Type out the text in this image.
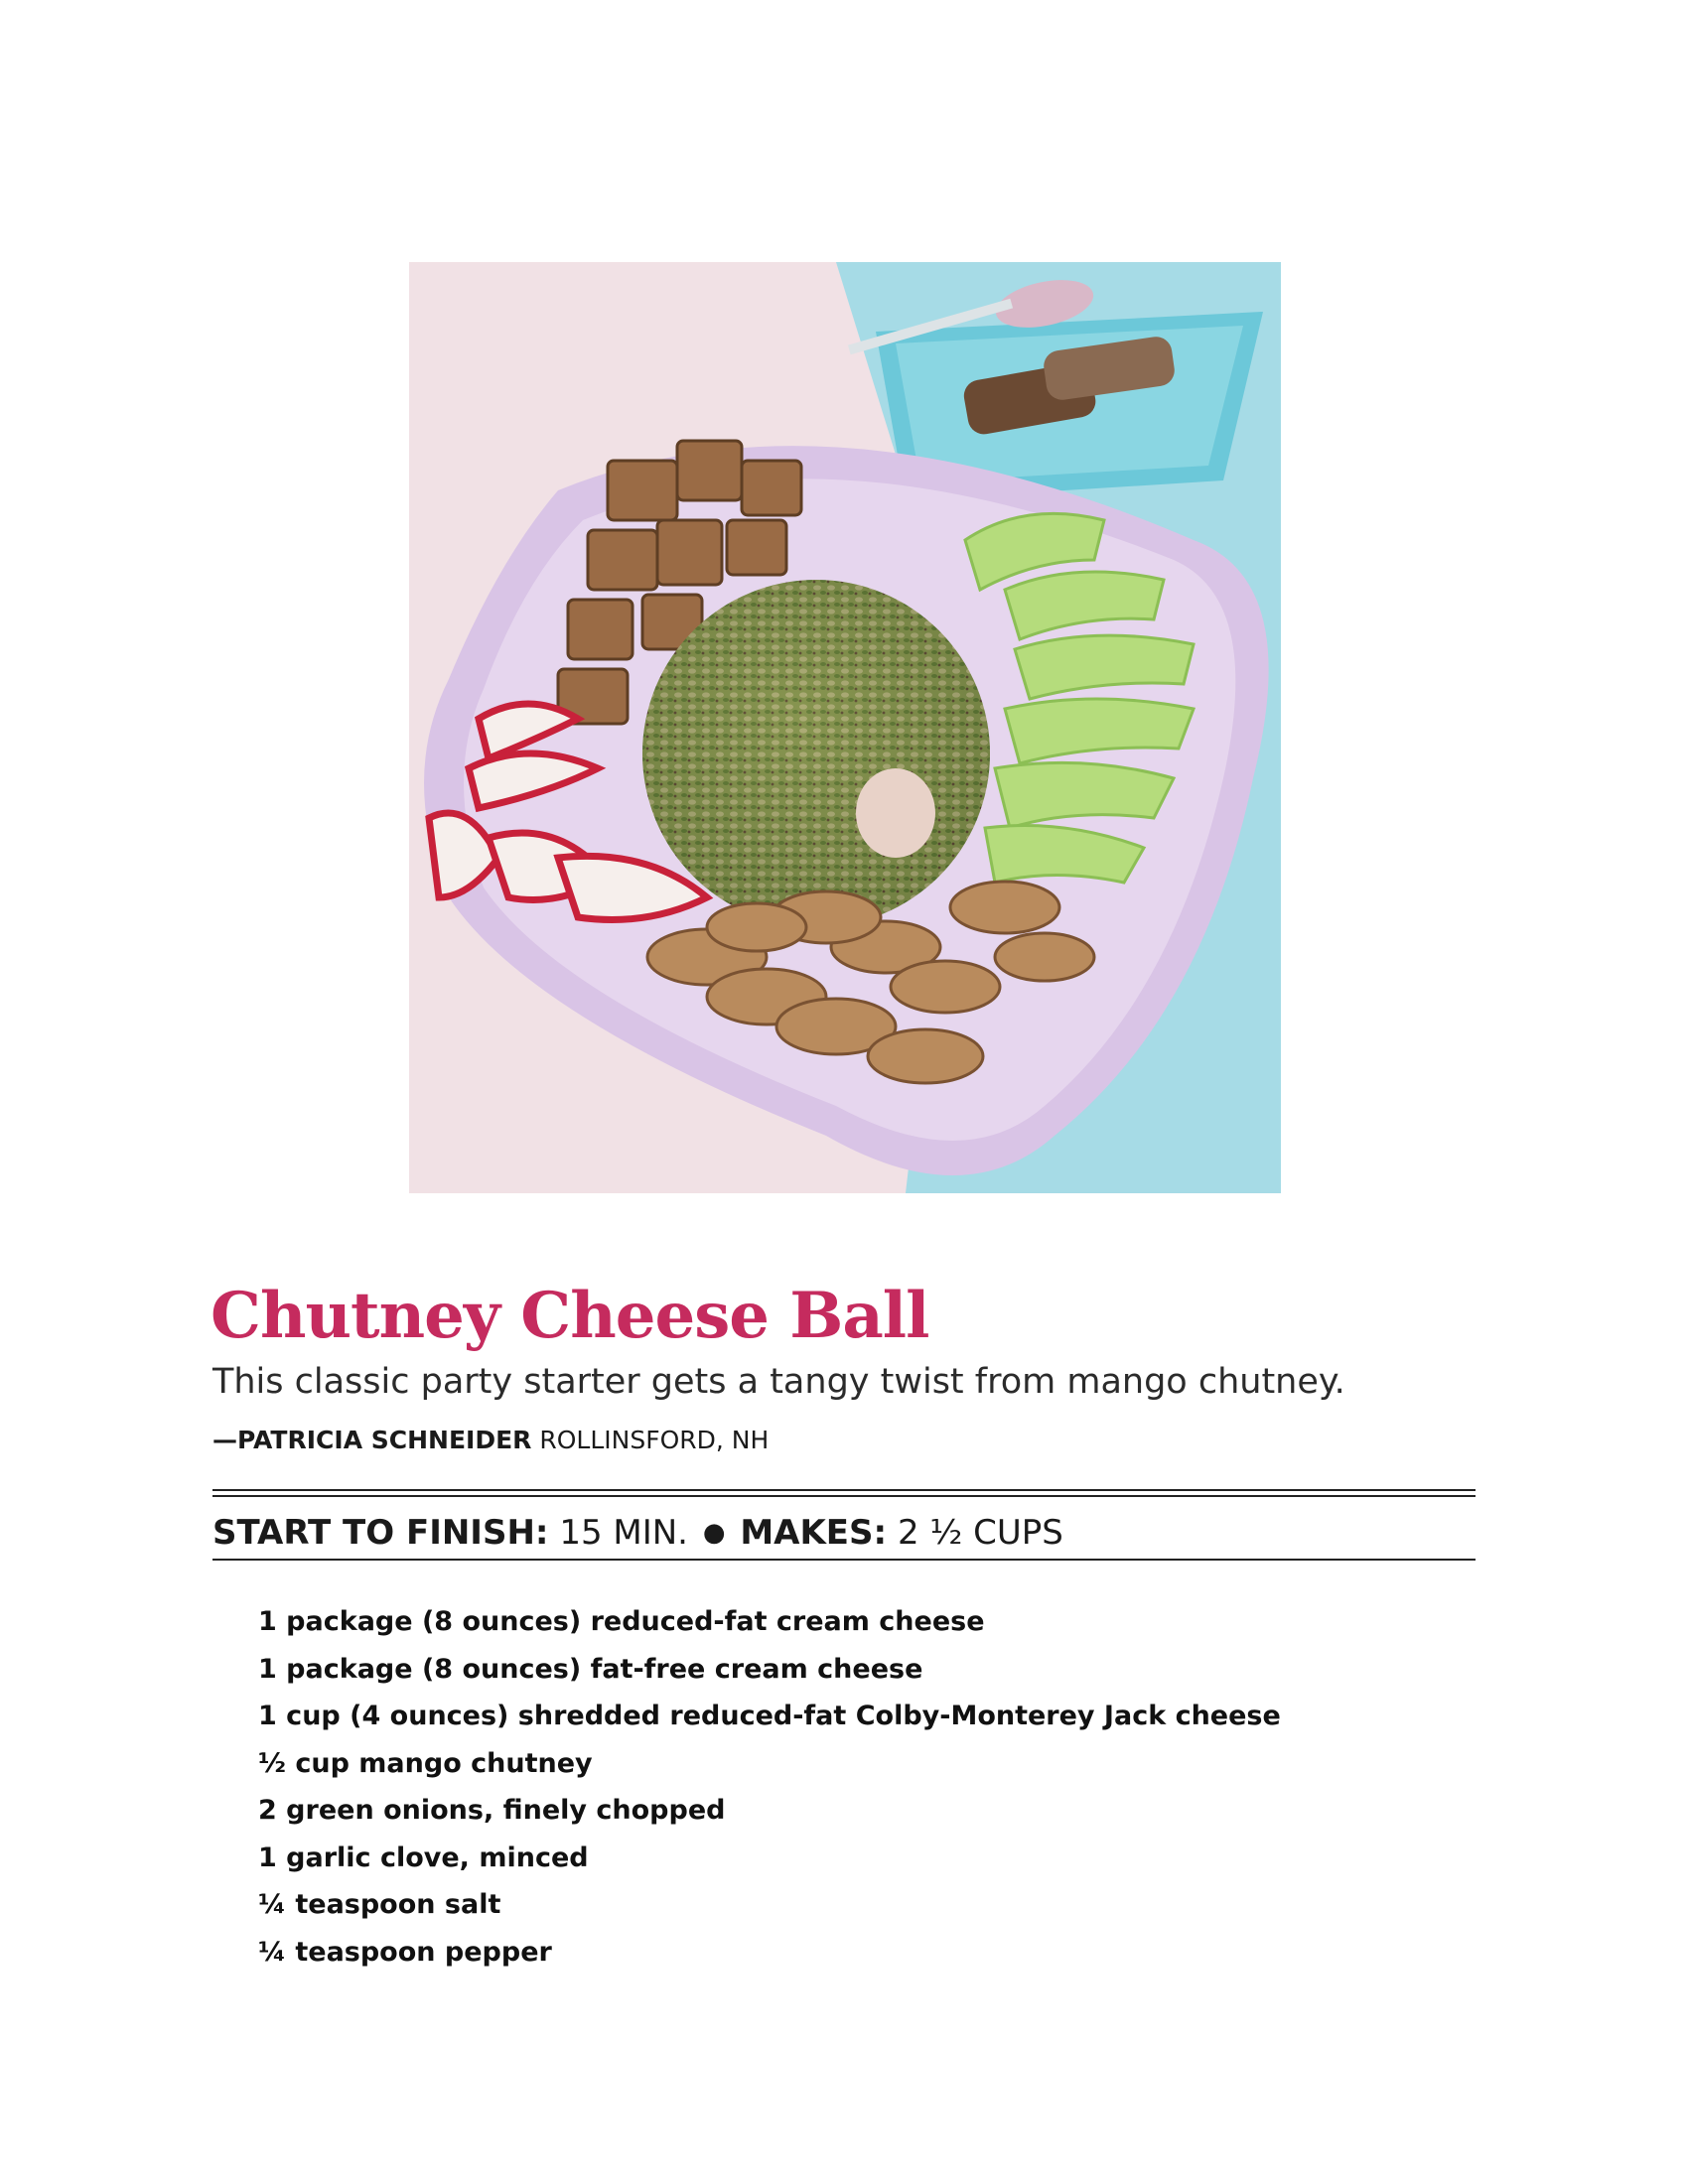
Chutney Cheese Ball
This classic party starter gets a tangy twist from mango chutney.
—PATRICIA SCHNEIDER ROLLINSFORD, NH
START TO FINISH: 15 MIN. ● MAKES: 2 ½ CUPS
1 package (8 ounces) reduced-fat cream cheese
1 package (8 ounces) fat-free cream cheese
1 cup (4 ounces) shredded reduced-fat Colby-Monterey Jack cheese
½ cup mango chutney
2 green onions, finely chopped
1 garlic clove, minced
¼ teaspoon salt
¼ teaspoon pepper
